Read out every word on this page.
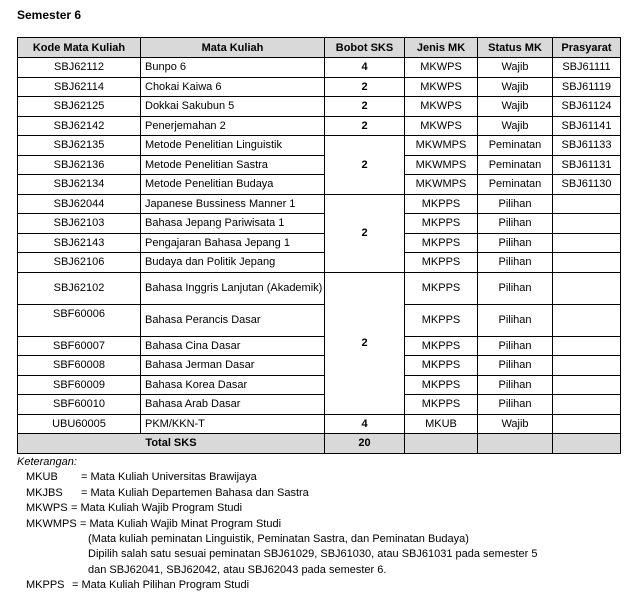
Semester 6
Kode Mata Kuliah	Mata Kuliah	Bobot SKS	Jenis MK	Status MK	Prasyarat
SBJ62112	Bunpo 6	4	MKWPS	Wajib	SBJ61111
SBJ62114	Chokai Kaiwa 6	2	MKWPS	Wajib	SBJ61119
SBJ62125	Dokkai Sakubun 5	2	MKWPS	Wajib	SBJ61124
SBJ62142	Penerjemahan 2	2	MKWPS	Wajib	SBJ61141
SBJ62135	Metode Penelitian Linguistik	2	MKWMPS	Peminatan	SBJ61133
SBJ62136	Metode Penelitian Sastra		MKWMPS	Peminatan	SBJ61131
SBJ62134	Metode Penelitian Budaya		MKWMPS	Peminatan	SBJ61130
SBJ62044	Japanese Bussiness Manner 1	2	MKPPS	Pilihan	
SBJ62103	Bahasa Jepang Pariwisata 1		MKPPS	Pilihan	
SBJ62143	Pengajaran Bahasa Jepang 1		MKPPS	Pilihan	
SBJ62106	Budaya dan Politik Jepang		MKPPS	Pilihan	
SBJ62102	Bahasa Inggris Lanjutan (Akademik)	2	MKPPS	Pilihan	
SBF60006	Bahasa Perancis Dasar		MKPPS	Pilihan	
SBF60007	Bahasa Cina Dasar		MKPPS	Pilihan	
SBF60008	Bahasa Jerman Dasar		MKPPS	Pilihan	
SBF60009	Bahasa Korea Dasar		MKPPS	Pilihan	
SBF60010	Bahasa Arab Dasar		MKPPS	Pilihan	
UBU60005	PKM/KKN-T	4	MKUB	Wajib	
Total SKS		20			
Keterangan:
MKUB = Mata Kuliah Universitas Brawijaya
MKJBS = Mata Kuliah Departemen Bahasa dan Sastra
MKWPS = Mata Kuliah Wajib Program Studi
MKWMPS = Mata Kuliah Wajib Minat Program Studi
(Mata kuliah peminatan Linguistik, Peminatan Sastra, dan Peminatan Budaya)
Dipilih salah satu sesuai peminatan SBJ61029, SBJ61030, atau SBJ61031 pada semester 5
dan SBJ62041, SBJ62042, atau SBJ62043 pada semester 6.
MKPPS = Mata Kuliah Pilihan Program Studi
